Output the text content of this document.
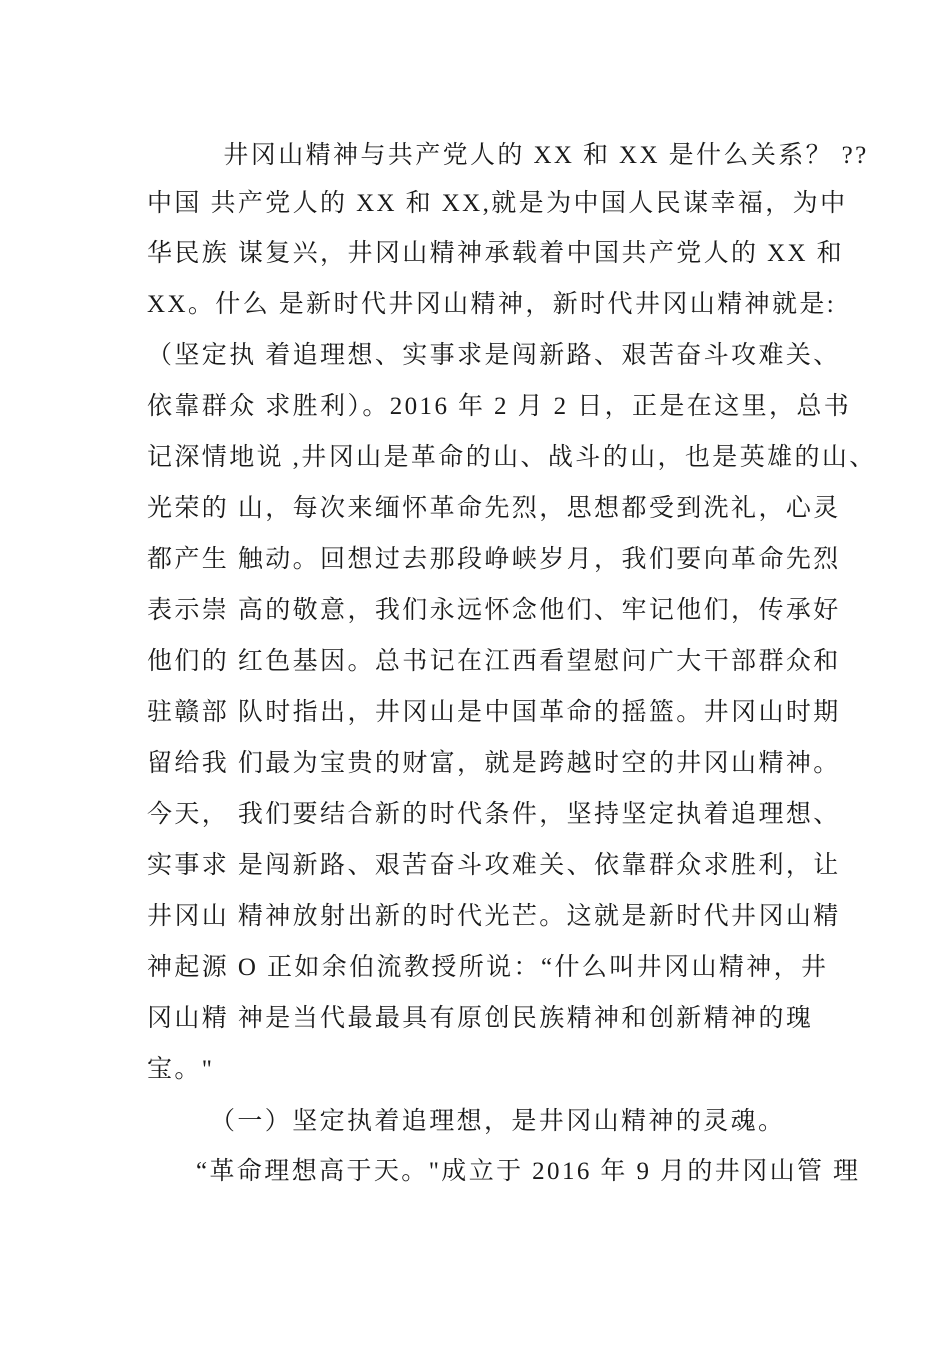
　井冈山精神与共产党人的 XX 和 XX 是什么关系？ ??
中国 共产党人的 XX 和 XX,就是为中国人民谋幸福，为中
华民族 谋复兴，井冈山精神承载着中国共产党人的 XX 和
XX。什么 是新时代井冈山精神，新时代井冈山精神就是:
（坚定执 着追理想、实事求是闯新路、艰苦奋斗攻难关、
依靠群众 求胜利）。2016 年 2 月 2 日，正是在这里，总书
记深情地说 ,井冈山是革命的山、战斗的山，也是英雄的山、
光荣的 山，每次来缅怀革命先烈，思想都受到洗礼，心灵
都产生 触动。回想过去那段峥峡岁月，我们要向革命先烈
表示崇 高的敬意，我们永远怀念他们、牢记他们，传承好
他们的 红色基因。总书记在江西看望慰问广大干部群众和
驻赣部 队时指出，井冈山是中国革命的摇篮。井冈山时期
留给我 们最为宝贵的财富，就是跨越时空的井冈山精神。
今天， 我们要结合新的时代条件，坚持坚定执着追理想、
实事求 是闯新路、艰苦奋斗攻难关、依靠群众求胜利，让
井冈山 精神放射出新的时代光芒。这就是新时代井冈山精
神起源 O 正如余伯流教授所说：“什么叫井冈山精神，井
冈山精 神是当代最最具有原创民族精神和创新精神的瑰
宝。"
（一）坚定执着追理想，是井冈山精神的灵魂。
“革命理想高于天。"成立于 2016 年 9 月的井冈山管 理
